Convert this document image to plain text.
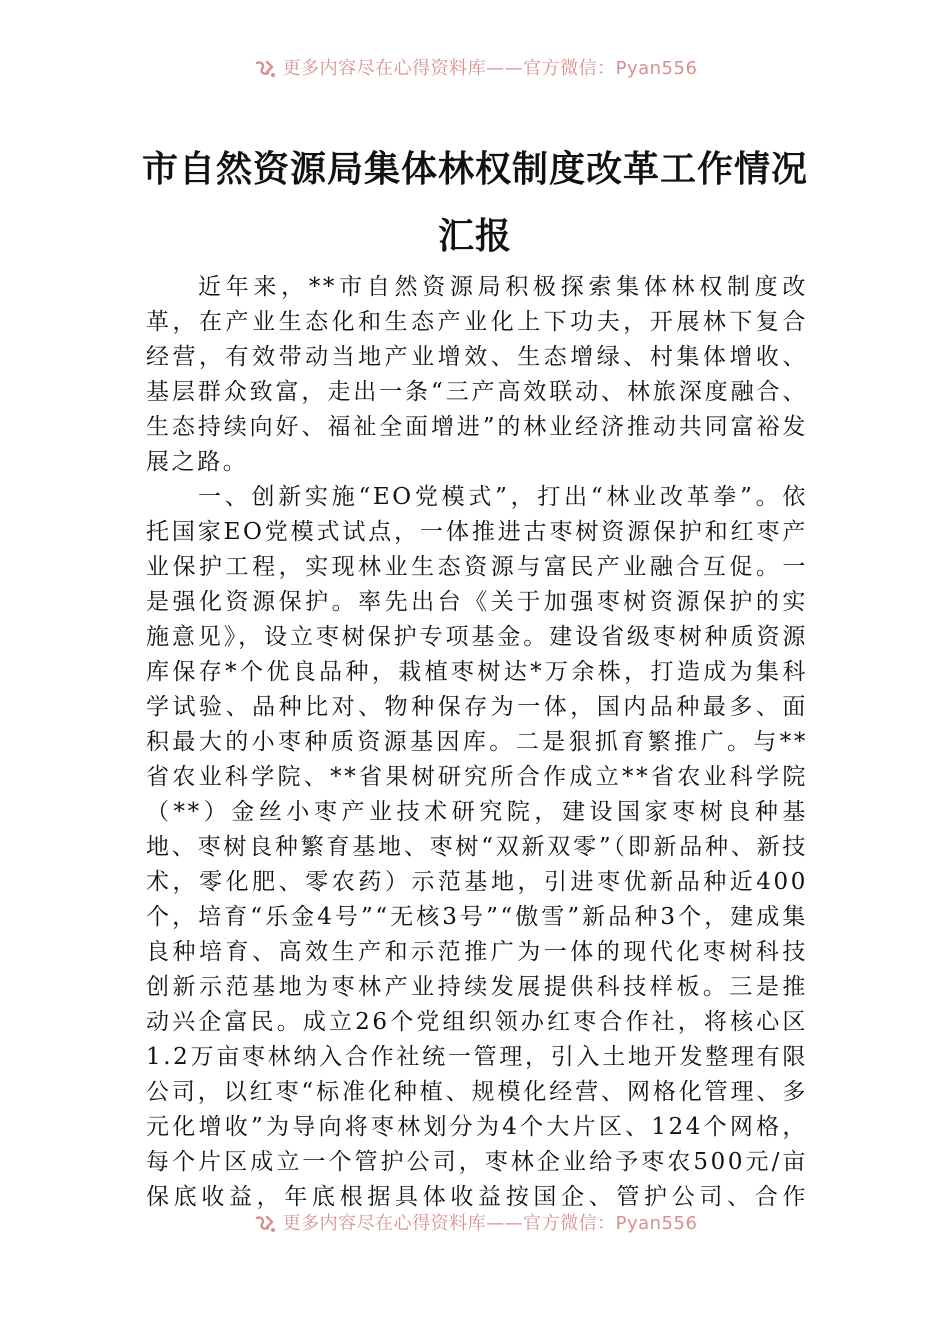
更多内容尽在心得资料库——官方微信：Pyan556
市自然资源局集体林权制度改革工作情况
汇报

近年来，**市自然资源局积极探索集体林权制度改革，在产业生态化和生态产业化上下功夫，开展林下复合经营，有效带动当地产业增效、生态增绿、村集体增收、基层群众致富，走出一条“三产高效联动、林旅深度融合、生态持续向好、福祉全面增进”的林业经济推动共同富裕发展之路。

一、创新实施“EO党模式”，打出“林业改革拳”。依托国家EO党模式试点，一体推进古枣树资源保护和红枣产业保护工程，实现林业生态资源与富民产业融合互促。一是强化资源保护。率先出台《关于加强枣树资源保护的实施意见》，设立枣树保护专项基金。建设省级枣树种质资源库保存*个优良品种，栽植枣树达*万余株，打造成为集科学试验、品种比对、物种保存为一体，国内品种最多、面积最大的小枣种质资源基因库。二是狠抓育繁推广。与**省农业科学院、**省果树研究所合作成立**省农业科学院（**）金丝小枣产业技术研究院，建设国家枣树良种基地、枣树良种繁育基地、枣树“双新双零”（即新品种、新技术，零化肥、零农药）示范基地，引进枣优新品种近400个，培育“乐金4号”“无核3号”“傲雪”新品种3个，建成集良种培育、高效生产和示范推广为一体的现代化枣树科技创新示范基地为枣林产业持续发展提供科技样板。三是推动兴企富民。成立26个党组织领办红枣合作社，将核心区1.2万亩枣林纳入合作社统一管理，引入土地开发整理有限公司，以红枣“标准化种植、规模化经营、网格化管理、多元化增收”为导向将枣林划分为4个大片区、124个网格，每个片区成立一个管护公司，枣林企业给予枣农500元/亩保底收益，年底根据具体收益按国企、管护公司、合作

更多内容尽在心得资料库——官方微信：Pyan556
